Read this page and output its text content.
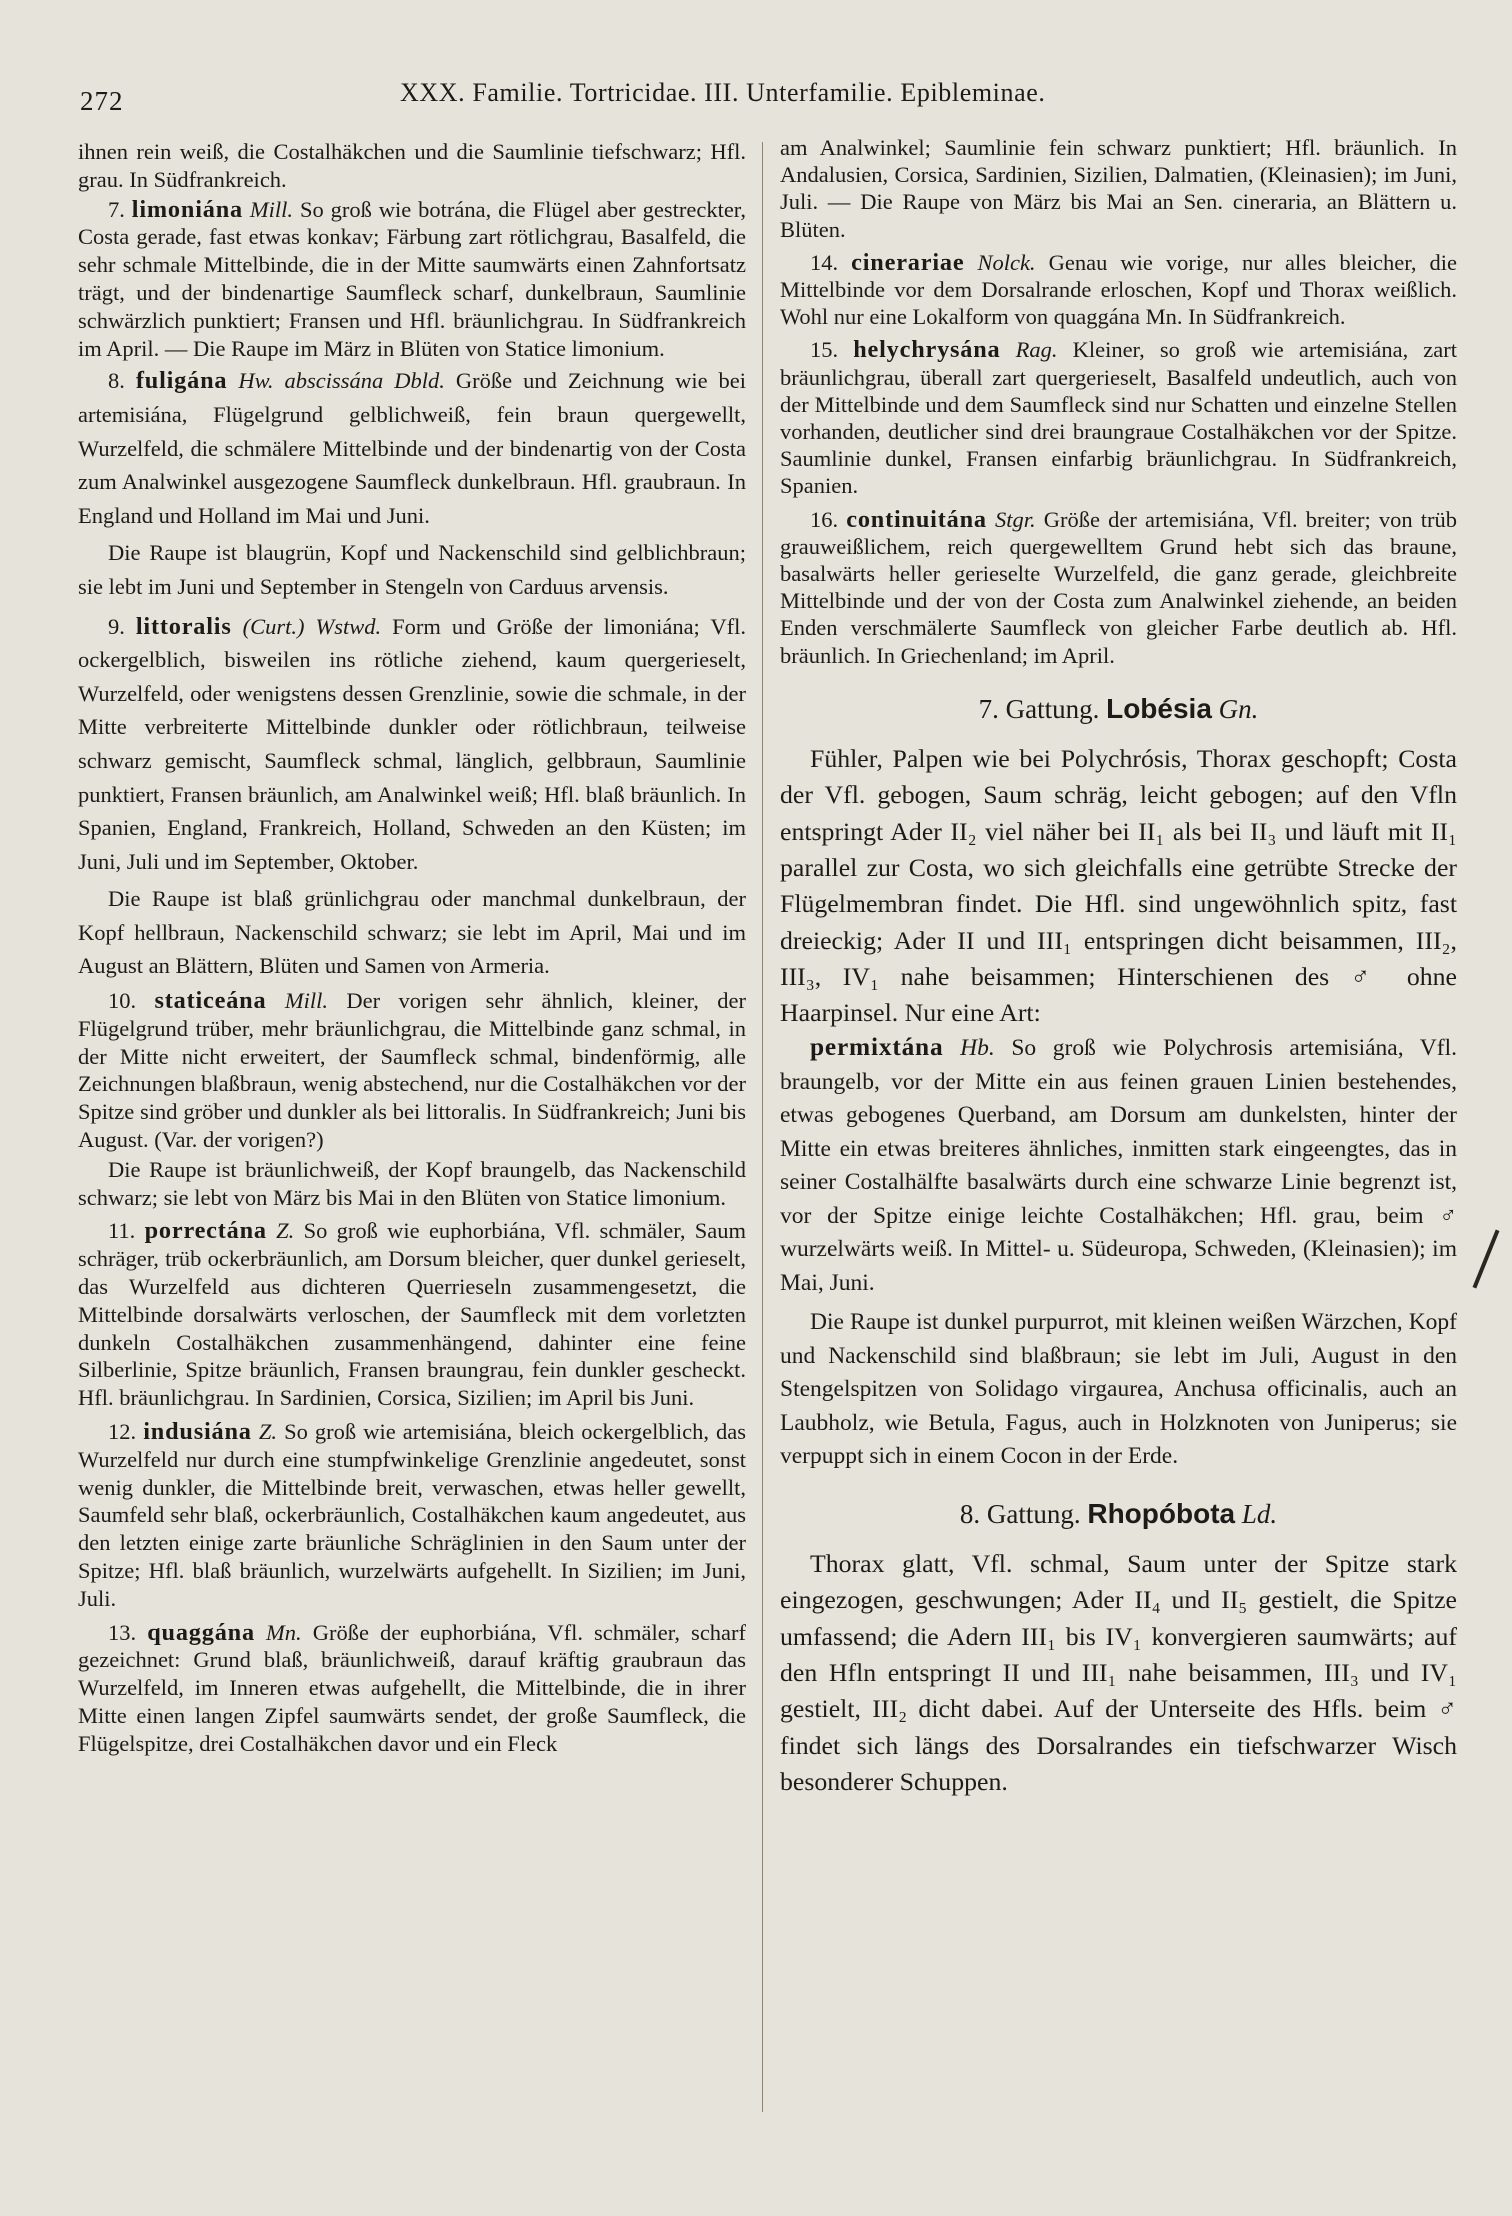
272	XXX. Familie. Tortricidae. III. Unterfamilie. Epibleminae.

ihnen rein weiß, die Costalhäkchen und die Saumlinie tiefschwarz; Hfl. grau. In Südfrankreich.

7. limoniána Mill. So groß wie botrána, die Flügel aber gestreckter, Costa gerade, fast etwas konkav; Färbung zart rötlichgrau, Basalfeld, die sehr schmale Mittelbinde, die in der Mitte saumwärts einen Zahnfortsatz trägt, und der bindenartige Saumfleck scharf, dunkelbraun, Saumlinie schwärzlich punktiert; Fransen und Hfl. bräunlichgrau. In Südfrankreich im April. — Die Raupe im März in Blüten von Statice limonium.

8. fuligána Hw. abscissána Dbld. Größe und Zeichnung wie bei artemisiána, Flügelgrund gelblichweiß, fein braun quergewellt, Wurzelfeld, die schmälere Mittelbinde und der bindenartig von der Costa zum Analwinkel ausgezogene Saumfleck dunkelbraun. Hfl. graubraun. In England und Holland im Mai und Juni.

Die Raupe ist blaugrün, Kopf und Nackenschild sind gelblichbraun; sie lebt im Juni und September in Stengeln von Carduus arvensis.

9. littoralis (Curt.) Wstwd. Form und Größe der limoniána; Vfl. ockergelblich, bisweilen ins rötliche ziehend, kaum quergerieselt, Wurzelfeld, oder wenigstens dessen Grenzlinie, sowie die schmale, in der Mitte verbreiterte Mittelbinde dunkler oder rötlichbraun, teilweise schwarz gemischt, Saumfleck schmal, länglich, gelbbraun, Saumlinie punktiert, Fransen bräunlich, am Analwinkel weiß; Hfl. blaß bräunlich. In Spanien, England, Frankreich, Holland, Schweden an den Küsten; im Juni, Juli und im September, Oktober.

Die Raupe ist blaß grünlichgrau oder manchmal dunkelbraun, der Kopf hellbraun, Nackenschild schwarz; sie lebt im April, Mai und im August an Blättern, Blüten und Samen von Armeria.

10. staticeána Mill. Der vorigen sehr ähnlich, kleiner, der Flügelgrund trüber, mehr bräunlichgrau, die Mittelbinde ganz schmal, in der Mitte nicht erweitert, der Saumfleck schmal, bindenförmig, alle Zeichnungen blaßbraun, wenig abstechend, nur die Costalhäkchen vor der Spitze sind gröber und dunkler als bei littoralis. In Südfrankreich; Juni bis August. (Var. der vorigen?)

Die Raupe ist bräunlichweiß, der Kopf braungelb, das Nackenschild schwarz; sie lebt von März bis Mai in den Blüten von Statice limonium.

11. porrectána Z. So groß wie euphorbiána, Vfl. schmäler, Saum schräger, trüb ockerbräunlich, am Dorsum bleicher, quer dunkel gerieselt, das Wurzelfeld aus dichteren Querrieseln zusammengesetzt, die Mittelbinde dorsalwärts verloschen, der Saumfleck mit dem vorletzten dunkeln Costalhäkchen zusammenhängend, dahinter eine feine Silberlinie, Spitze bräunlich, Fransen braungrau, fein dunkler gescheckt. Hfl. bräunlichgrau. In Sardinien, Corsica, Sizilien; im April bis Juni.

12. indusiána Z. So groß wie artemisiána, bleich ockergelblich, das Wurzelfeld nur durch eine stumpfwinkelige Grenzlinie angedeutet, sonst wenig dunkler, die Mittelbinde breit, verwaschen, etwas heller gewellt, Saumfeld sehr blaß, ockerbräunlich, Costalhäkchen kaum angedeutet, aus den letzten einige zarte bräunliche Schräglinien in den Saum unter der Spitze; Hfl. blaß bräunlich, wurzelwärts aufgehellt. In Sizilien; im Juni, Juli.

13. quaggána Mn. Größe der euphorbiána, Vfl. schmäler, scharf gezeichnet: Grund blaß, bräunlichweiß, darauf kräftig graubraun das Wurzelfeld, im Inneren etwas aufgehellt, die Mittelbinde, die in ihrer Mitte einen langen Zipfel saumwärts sendet, der große Saumfleck, die Flügelspitze, drei Costalhäkchen davor und ein Fleck

am Analwinkel; Saumlinie fein schwarz punktiert; Hfl. bräunlich. In Andalusien, Corsica, Sardinien, Sizilien, Dalmatien, (Kleinasien); im Juni, Juli. — Die Raupe von März bis Mai an Sen. cineraria, an Blättern u. Blüten.

14. cinerariae Nolck. Genau wie vorige, nur alles bleicher, die Mittelbinde vor dem Dorsalrande erloschen, Kopf und Thorax weißlich. Wohl nur eine Lokalform von quaggána Mn. In Südfrankreich.

15. helychrysána Rag. Kleiner, so groß wie artemisiána, zart bräunlichgrau, überall zart quergerieselt, Basalfeld undeutlich, auch von der Mittelbinde und dem Saumfleck sind nur Schatten und einzelne Stellen vorhanden, deutlicher sind drei braungraue Costalhäkchen vor der Spitze. Saumlinie dunkel, Fransen einfarbig bräunlichgrau. In Südfrankreich, Spanien.

16. continuitána Stgr. Größe der artemisiána, Vfl. breiter; von trüb grauweißlichem, reich quergewelltem Grund hebt sich das braune, basalwärts heller gerieselte Wurzelfeld, die ganz gerade, gleichbreite Mittelbinde und der von der Costa zum Analwinkel ziehende, an beiden Enden verschmälerte Saumfleck von gleicher Farbe deutlich ab. Hfl. bräunlich. In Griechenland; im April.

7. Gattung. Lobésia Gn.

Fühler, Palpen wie bei Polychrósis, Thorax geschopft; Costa der Vfl. gebogen, Saum schräg, leicht gebogen; auf den Vfln entspringt Ader II₂ viel näher bei II₁ als bei II₃ und läuft mit II₁ parallel zur Costa, wo sich gleichfalls eine getrübte Strecke der Flügelmembran findet. Die Hfl. sind ungewöhnlich spitz, fast dreieckig; Ader II und III₁ entspringen dicht beisammen, III₂, III₃, IV₁ nahe beisammen; Hinterschienen des ♂ ohne Haarpinsel. Nur eine Art:

permixtána Hb. So groß wie Polychrosis artemisiána, Vfl. braungelb, vor der Mitte ein aus feinen grauen Linien bestehendes, etwas gebogenes Querband, am Dorsum am dunkelsten, hinter der Mitte ein etwas breiteres ähnliches, inmitten stark eingeengtes, das in seiner Costalhälfte basalwärts durch eine schwarze Linie begrenzt ist, vor der Spitze einige leichte Costalhäkchen; Hfl. grau, beim ♂ wurzelwärts weiß. In Mittel- u. Südeuropa, Schweden, (Kleinasien); im Mai, Juni.

Die Raupe ist dunkel purpurrot, mit kleinen weißen Wärzchen, Kopf und Nackenschild sind blaßbraun; sie lebt im Juli, August in den Stengelspitzen von Solidago virgaurea, Anchusa officinalis, auch an Laubholz, wie Betula, Fagus, auch in Holzknoten von Juniperus; sie verpuppt sich in einem Cocon in der Erde.

8. Gattung. Rhopóbota Ld.

Thorax glatt, Vfl. schmal, Saum unter der Spitze stark eingezogen, geschwungen; Ader II₄ und II₅ gestielt, die Spitze umfassend; die Adern III₁ bis IV₁ konvergieren saumwärts; auf den Hfln entspringt II und III₁ nahe beisammen, III₃ und IV₁ gestielt, III₂ dicht dabei. Auf der Unterseite des Hfls. beim ♂ findet sich längs des Dorsalrandes ein tiefschwarzer Wisch besonderer Schuppen.
